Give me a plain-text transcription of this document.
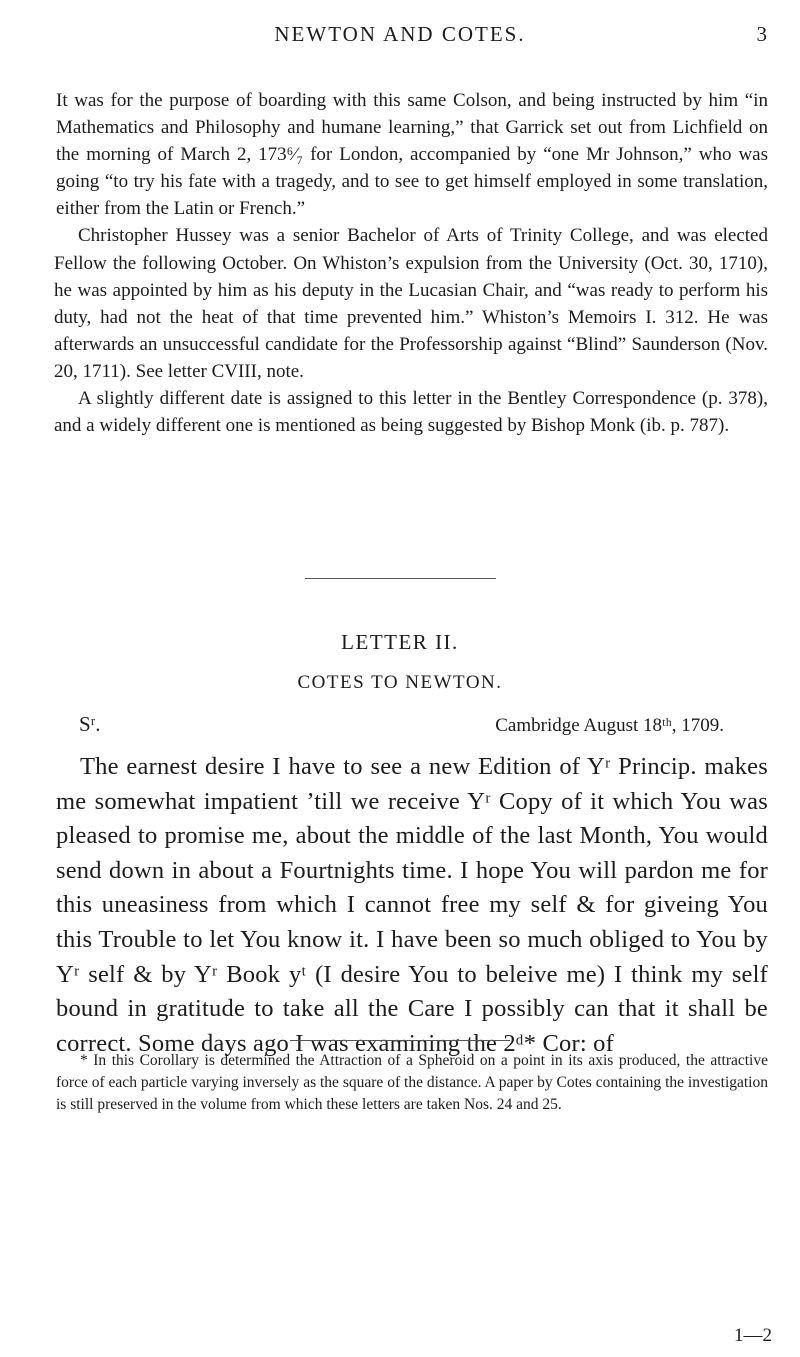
NEWTON AND COTES.	3

It was for the purpose of boarding with this same Colson, and being instructed by him “in Mathematics and Philosophy and humane learning,” that Garrick set out from Lichfield on the morning of March 2, 173⁶⁄₇ for London, accompanied by “one Mr Johnson,” who was going “to try his fate with a tragedy, and to see to get himself employed in some translation, either from the Latin or French.”

Christopher Hussey was a senior Bachelor of Arts of Trinity College, and was elected Fellow the following October. On Whiston’s expulsion from the University (Oct. 30, 1710), he was appointed by him as his deputy in the Lucasian Chair, and “was ready to perform his duty, had not the heat of that time prevented him.” Whiston’s Memoirs I. 312. He was afterwards an unsuccessful candidate for the Professorship against “Blind” Saunderson (Nov. 20, 1711). See letter CVIII, note.

A slightly different date is assigned to this letter in the Bentley Correspondence (p. 378), and a widely different one is mentioned as being suggested by Bishop Monk (ib. p. 787).

LETTER II.
COTES TO NEWTON.
Sʳ.	Cambridge August 18ᵗʰ, 1709.

The earnest desire I have to see a new Edition of Yʳ Princip. makes me somewhat impatient ’till we receive Yʳ Copy of it which You was pleased to promise me, about the middle of the last Month, You would send down in about a Fourtnights time. I hope You will pardon me for this uneasiness from which I cannot free my self & for giveing You this Trouble to let You know it. I have been so much obliged to You by Yʳ self & by Yʳ Book yᵗ (I desire You to beleive me) I think my self bound in gratitude to take all the Care I possibly can that it shall be correct. Some days ago I was examining the 2ᵈ* Cor: of

* In this Corollary is determined the Attraction of a Spheroid on a point in its axis produced, the attractive force of each particle varying inversely as the square of the distance. A paper by Cotes containing the investigation is still preserved in the volume from which these letters are taken Nos. 24 and 25.

1—2
